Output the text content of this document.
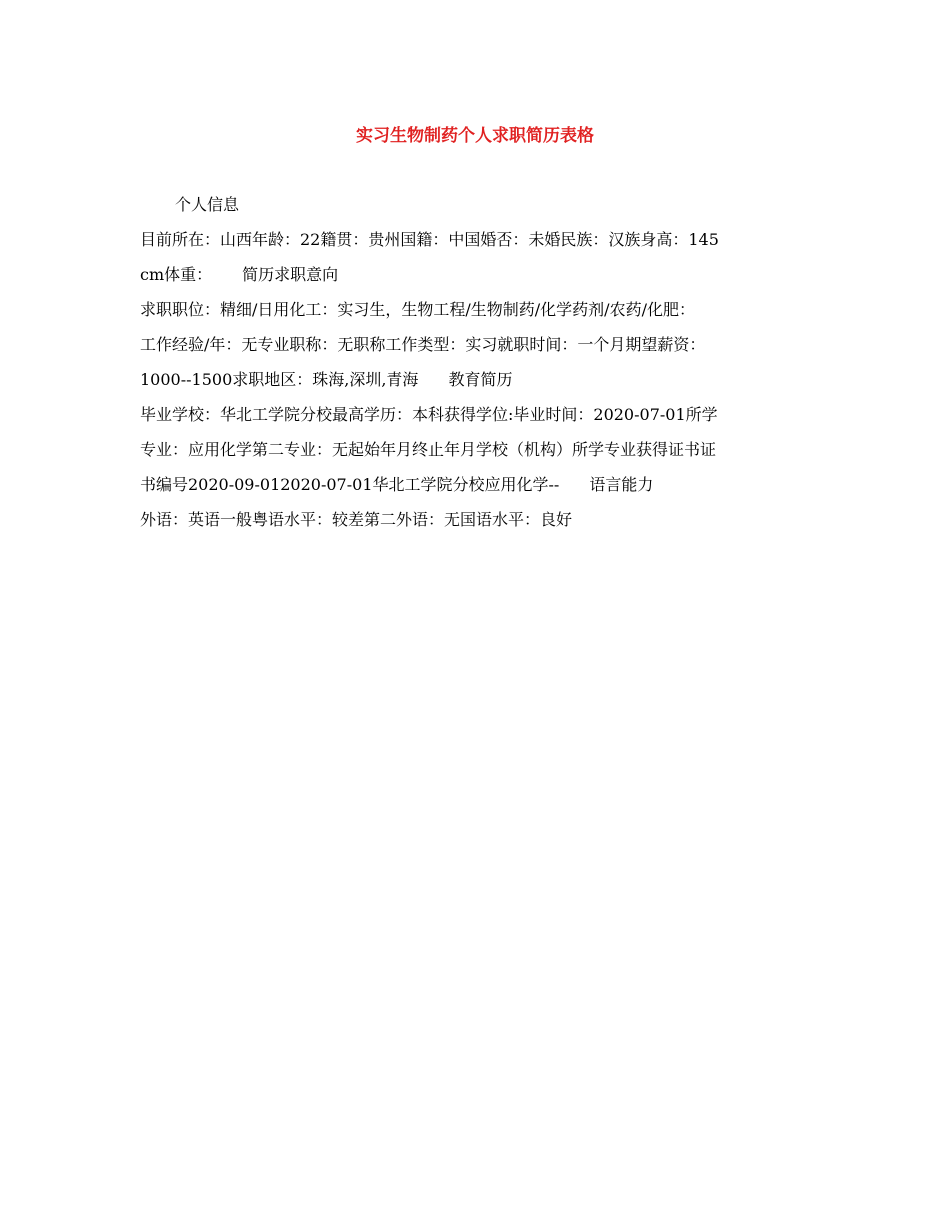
实习生物制药个人求职简历表格
个人信息
目前所在：山西年龄：22籍贯：贵州国籍：中国婚否：未婚民族：汉族身高：145
cm体重： 简历求职意向
求职职位：精细/日用化工：实习生，生物工程/生物制药/化学药剂/农药/化肥：
工作经验/年：无专业职称：无职称工作类型：实习就职时间：一个月期望薪资：
1000--1500求职地区：珠海,深圳,青海 教育简历
毕业学校：华北工学院分校最高学历：本科获得学位:毕业时间：2020-07-01所学
专业：应用化学第二专业：无起始年月终止年月学校（机构）所学专业获得证书证
书编号2020-09-012020-07-01华北工学院分校应用化学-- 语言能力
外语：英语一般粤语水平：较差第二外语：无国语水平：良好
